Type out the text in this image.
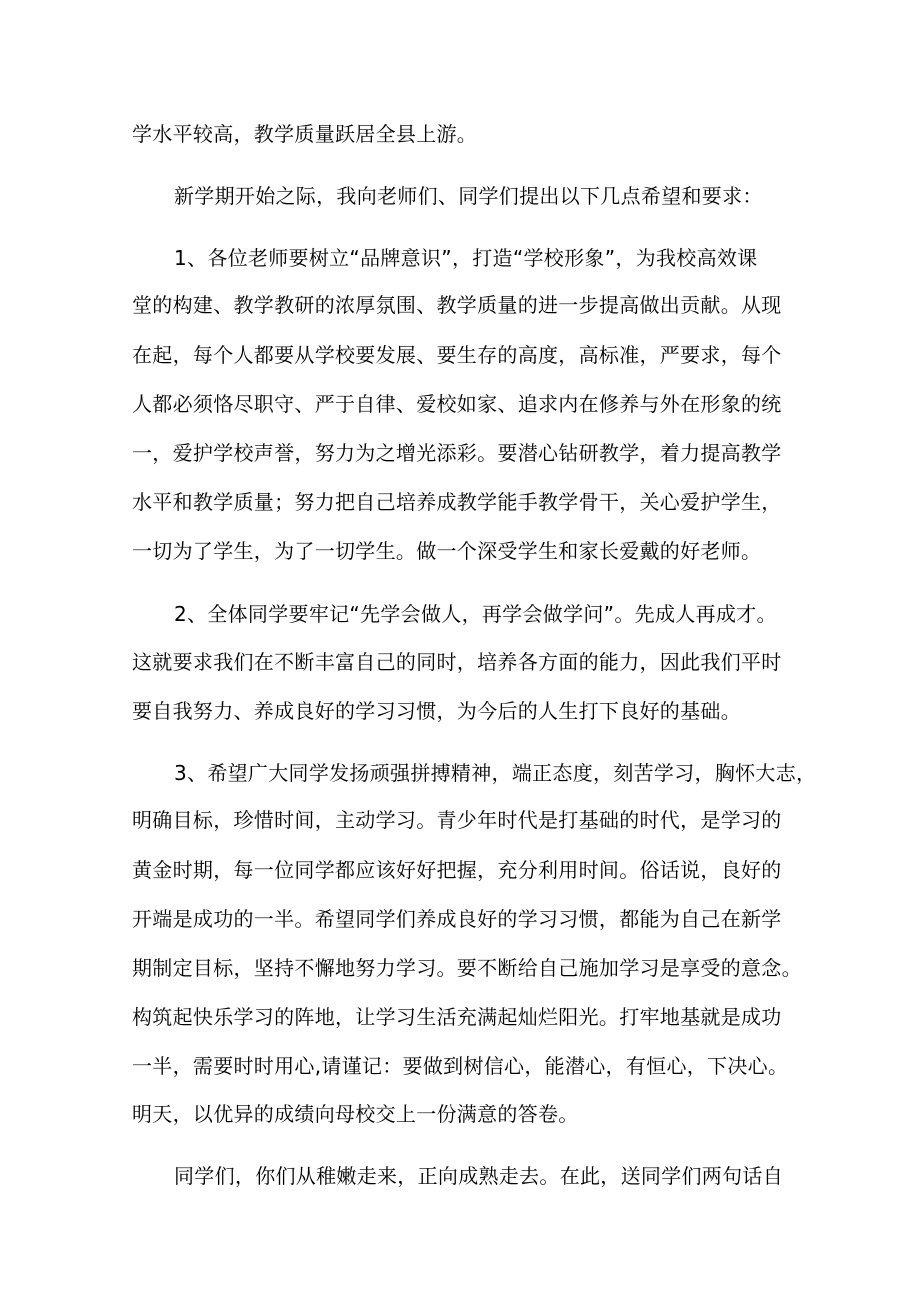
学水平较高，教学质量跃居全县上游。
新学期开始之际，我向老师们、同学们提出以下几点希望和要求：
1、各位老师要树立“品牌意识”，打造“学校形象”，为我校高效课
堂的构建、教学教研的浓厚氛围、教学质量的进一步提高做出贡献。从现
在起，每个人都要从学校要发展、要生存的高度，高标准，严要求，每个
人都必须恪尽职守、严于自律、爱校如家、追求内在修养与外在形象的统
一，爱护学校声誉，努力为之增光添彩。要潜心钻研教学，着力提高教学
水平和教学质量；努力把自己培养成教学能手教学骨干，关心爱护学生，
一切为了学生，为了一切学生。做一个深受学生和家长爱戴的好老师。
2、全体同学要牢记“先学会做人，再学会做学问”。先成人再成才。
这就要求我们在不断丰富自己的同时，培养各方面的能力，因此我们平时
要自我努力、养成良好的学习习惯，为今后的人生打下良好的基础。
3、希望广大同学发扬顽强拼搏精神，端正态度，刻苦学习，胸怀大志，
明确目标，珍惜时间，主动学习。青少年时代是打基础的时代，是学习的
黄金时期，每一位同学都应该好好把握，充分利用时间。俗话说，良好的
开端是成功的一半。希望同学们养成良好的学习习惯，都能为自己在新学
期制定目标，坚持不懈地努力学习。要不断给自己施加学习是享受的意念。
构筑起快乐学习的阵地，让学习生活充满起灿烂阳光。打牢地基就是成功
一半，需要时时用心,请谨记：要做到树信心，能潜心，有恒心，下决心。
明天，以优异的成绩向母校交上一份满意的答卷。
同学们，你们从稚嫩走来，正向成熟走去。在此，送同学们两句话自
